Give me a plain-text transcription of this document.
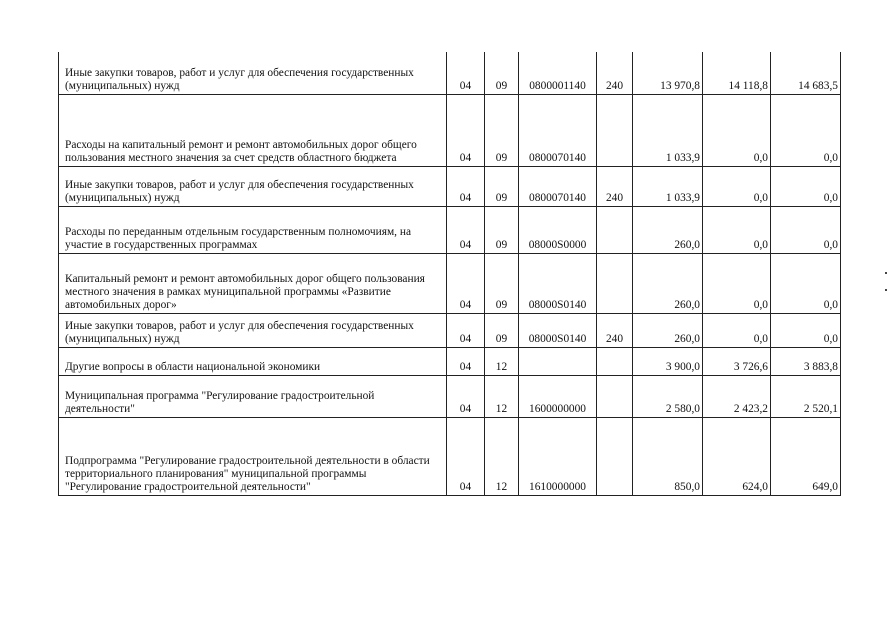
Иные закупки товаров, работ и услуг для обеспечения государственных (муниципальных) нужд	04	09	0800001140	240	13 970,8	14 118,8	14 683,5
Расходы на капитальный ремонт и ремонт автомобильных дорог общего пользования местного значения за счет средств областного бюджета	04	09	0800070140		1 033,9	0,0	0,0
Иные закупки товаров, работ и услуг для обеспечения государственных (муниципальных) нужд	04	09	0800070140	240	1 033,9	0,0	0,0
Расходы по переданным отдельным государственным полномочиям, на участие в государственных программах	04	09	08000S0000		260,0	0,0	0,0
Капитальный ремонт и ремонт автомобильных дорог общего пользования местного значения в рамках муниципальной программы «Развитие автомобильных дорог»	04	09	08000S0140		260,0	0,0	0,0
Иные закупки товаров, работ и услуг для обеспечения государственных (муниципальных) нужд	04	09	08000S0140	240	260,0	0,0	0,0
Другие вопросы в области национальной экономики	04	12			3 900,0	3 726,6	3 883,8
Муниципальная программа "Регулирование градостроительной деятельности"	04	12	1600000000		2 580,0	2 423,2	2 520,1
Подпрограмма "Регулирование градостроительной деятельности в области территориального планирования" муниципальной программы "Регулирование градостроительной деятельности"	04	12	1610000000		850,0	624,0	649,0
